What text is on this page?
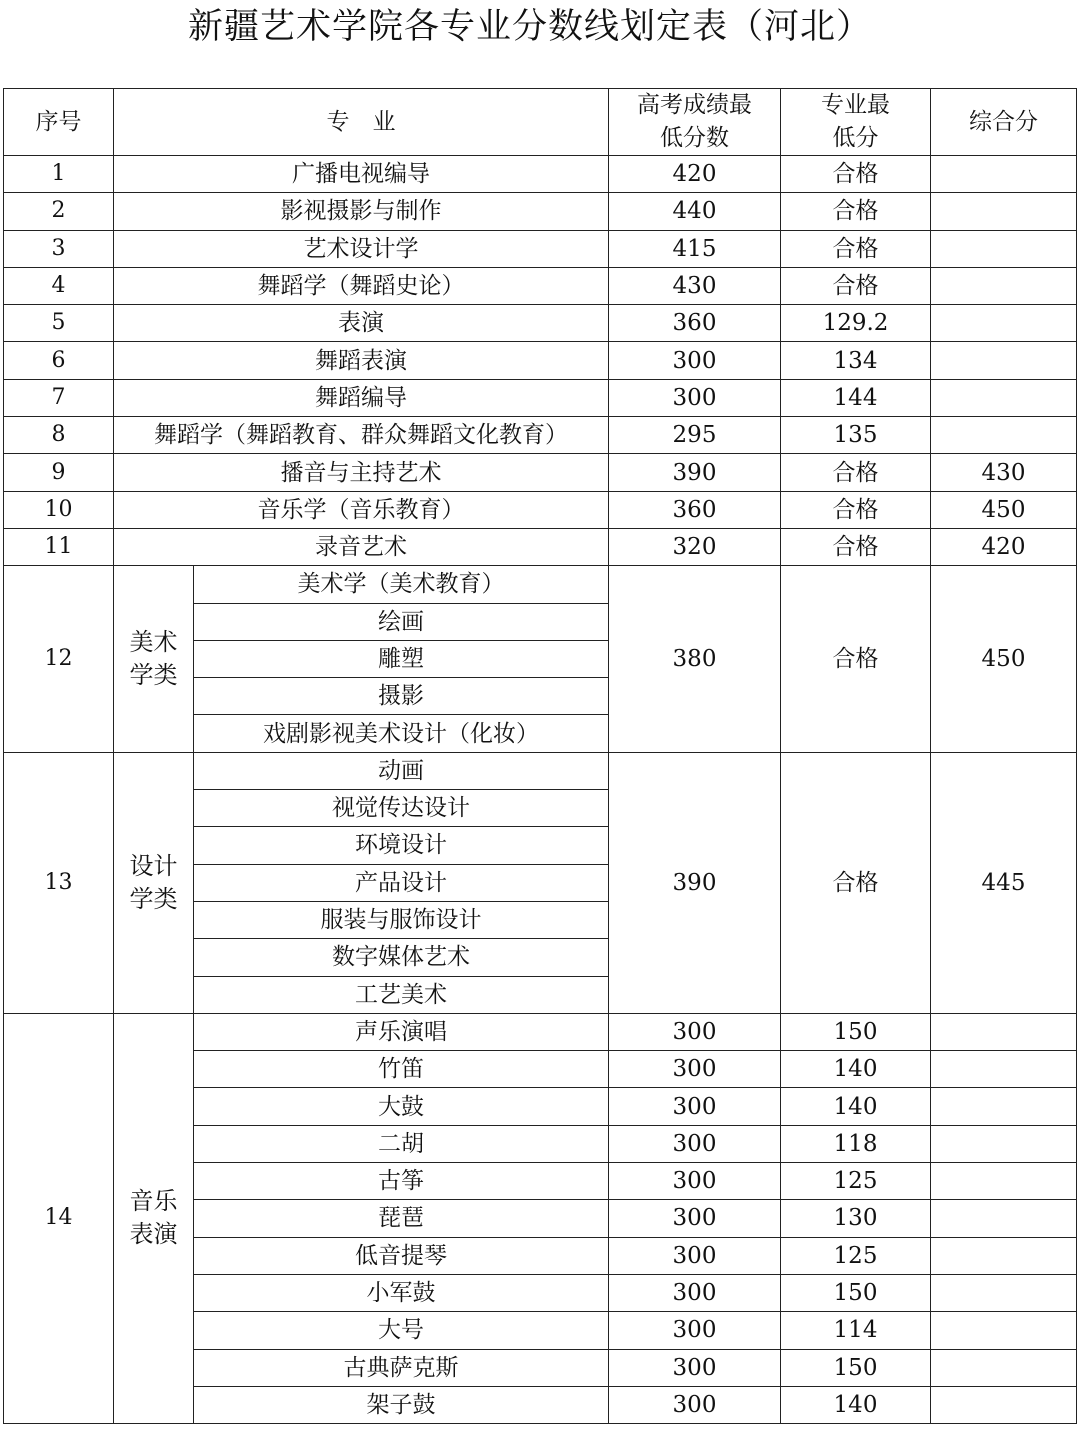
新疆艺术学院各专业分数线划定表（河北）
序号	专　业		高考成绩最低分数	专业最低分	综合分
1	广播电视编导		420	合格	
2	影视摄影与制作		440	合格	
3	艺术设计学		415	合格	
4	舞蹈学（舞蹈史论）		430	合格	
5	表演		360	129.2	
6	舞蹈表演		300	134	
7	舞蹈编导		300	144	
8	舞蹈学（舞蹈教育、群众舞蹈文化教育）		295	135	
9	播音与主持艺术		390	合格	430
10	音乐学（音乐教育）		360	合格	450
11	录音艺术		320	合格	420
12	美术学类	美术学（美术教育）	380	合格	450
		绘画			
		雕塑			
		摄影			
		戏剧影视美术设计（化妆）			
13	设计学类	动画	390	合格	445
		视觉传达设计			
		环境设计			
		产品设计			
		服装与服饰设计			
		数字媒体艺术			
		工艺美术			
14	音乐表演	声乐演唱	300	150	
		竹笛	300	140	
		大鼓	300	140	
		二胡	300	118	
		古筝	300	125	
		琵琶	300	130	
		低音提琴	300	125	
		小军鼓	300	150	
		大号	300	114	
		古典萨克斯	300	150	
		架子鼓	300	140	
